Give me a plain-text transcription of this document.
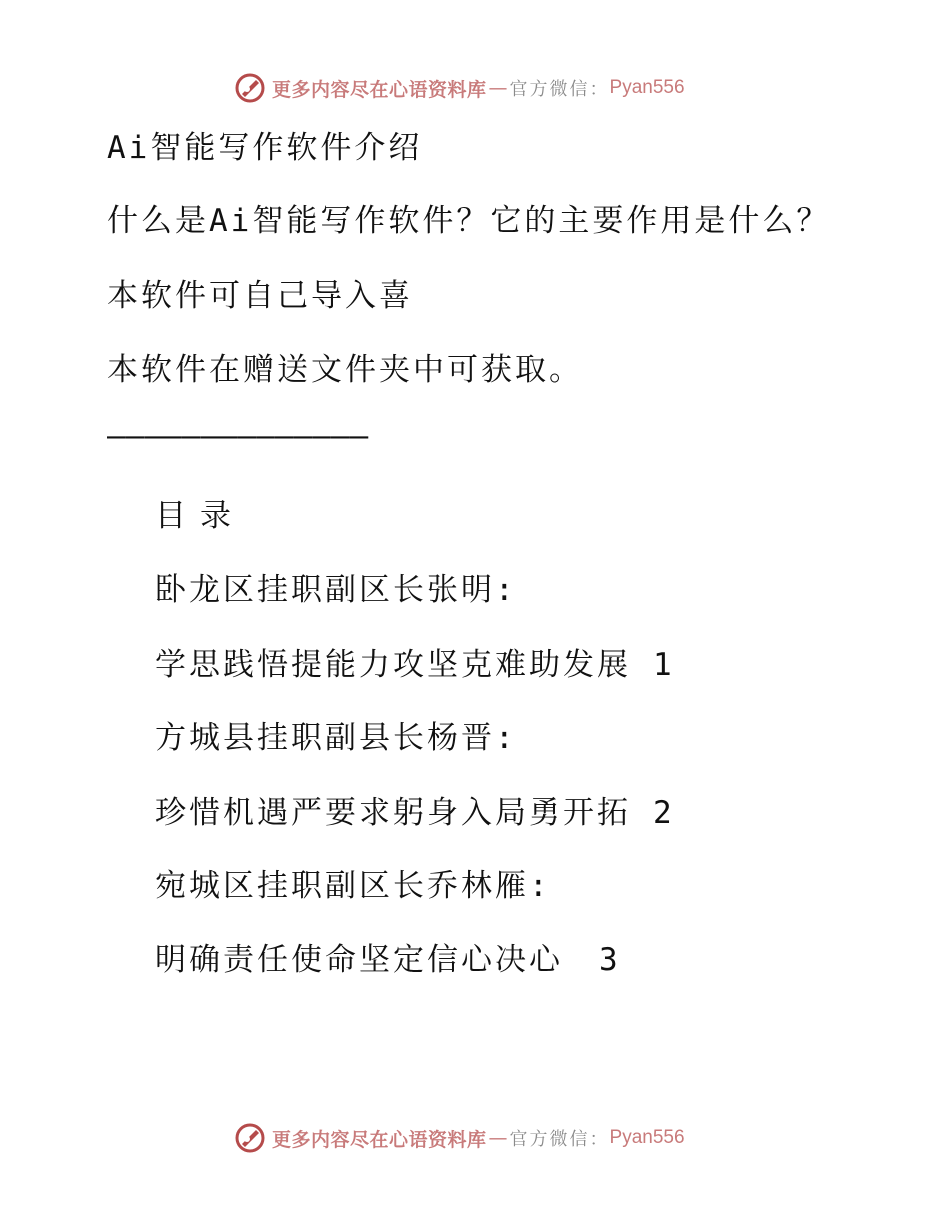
更多内容尽在心语资料库 — 官方微信： Pyan556
Ai智能写作软件介绍
什么是Ai智能写作软件？它的主要作用是什么？
本软件可自己导入喜
本软件在赠送文件夹中可获取。
——————————————
目录
卧龙区挂职副区长张明:
学思践悟提能力攻坚克难助发展 1
方城县挂职副县长杨晋:
珍惜机遇严要求躬身入局勇开拓 2
宛城区挂职副区长乔林雁:
明确责任使命坚定信心决心 3
更多内容尽在心语资料库 — 官方微信： Pyan556
